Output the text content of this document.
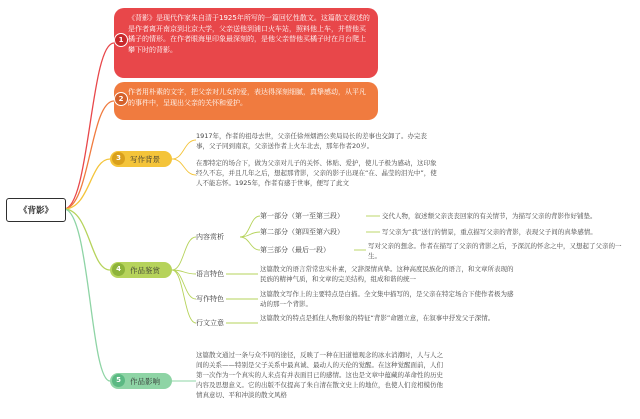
《背影》
《背影》是现代作家朱自清于1925年所写的一篇回忆性散文。这篇散文叙述的是作者离开南京到北京大学，父亲送他到浦口火车站，照料他上车，并替他买橘子的情形。在作者眼海里印象最深刻的，是他父亲替他买橘子时在月台爬上攀下时的背影。
1
作者用朴素的文字，把父亲对儿女的爱，表达得深刻细腻，真挚感动，从平凡的事件中，呈现出父亲的关怀和爱护。
2
写作背景
3
1917年，作者的祖母去世，父亲任徐州烟酒公卖局局长的差事也交卸了。办完丧事，父子同到南京，父亲送作者上火车北去，那年作者20岁。
在那特定的场合下，做为父亲对儿子的关怀、体贴、爱护，使儿子极为感动，这印象经久不忘，并且几年之后，想起那背影，父亲的影子出现在“在、晶莹的泪光中”，使人不能忘怀。1925年，作者有感于世事，便写了此文
作品鉴赏
4
内容赏析
第一部分（第一至第三段）	交代人物，叙述颓父亲丧丧回家的有关情节，为描写父亲的背影作好铺垫。
第二部分（第四至第六段）	写父亲为“我”送行的情景，重点描写父亲的背影，表现父子间的真挚感情。
第三部分（最后一段）	写对父亲的想念。作者在描写了父亲的背影之后，予深沉的怀念之中，又想起了父亲的一生。
语言特色
这篇散文的语言常常忠实朴素，父辞深情真挚。这种高度民族化的语言，和文章所表现的民族的精神气质，和文章的完美结构，组成和谐的统一
写作特色
这篇散文写作上的主要特点是白描。全文集中描写的，是父亲在特定场合下使作者极为感动的那一个背影。
行文立意
这篇散文的特点是抓住人物形象的特征“背影”命题立意，在叙事中抒发父子深情。
作品影响
5
这篇散文通过一条与众不同的途径，反映了一种在旧道德观念的冰水消潮时，人与人之间的关系——特别是父子关系中最真诚、最动人的天伦的觉醒。在这种觉醒面前，人们第一次作为一个真实的人来点有并表面目已的感情。这也是文章中蕴藏的革命性的历史内容及思想意义。它的出版不仅提高了朱自清在散文史上的地位，也使人们竞相模仿他情真意切、平和冲淡的散文风格
